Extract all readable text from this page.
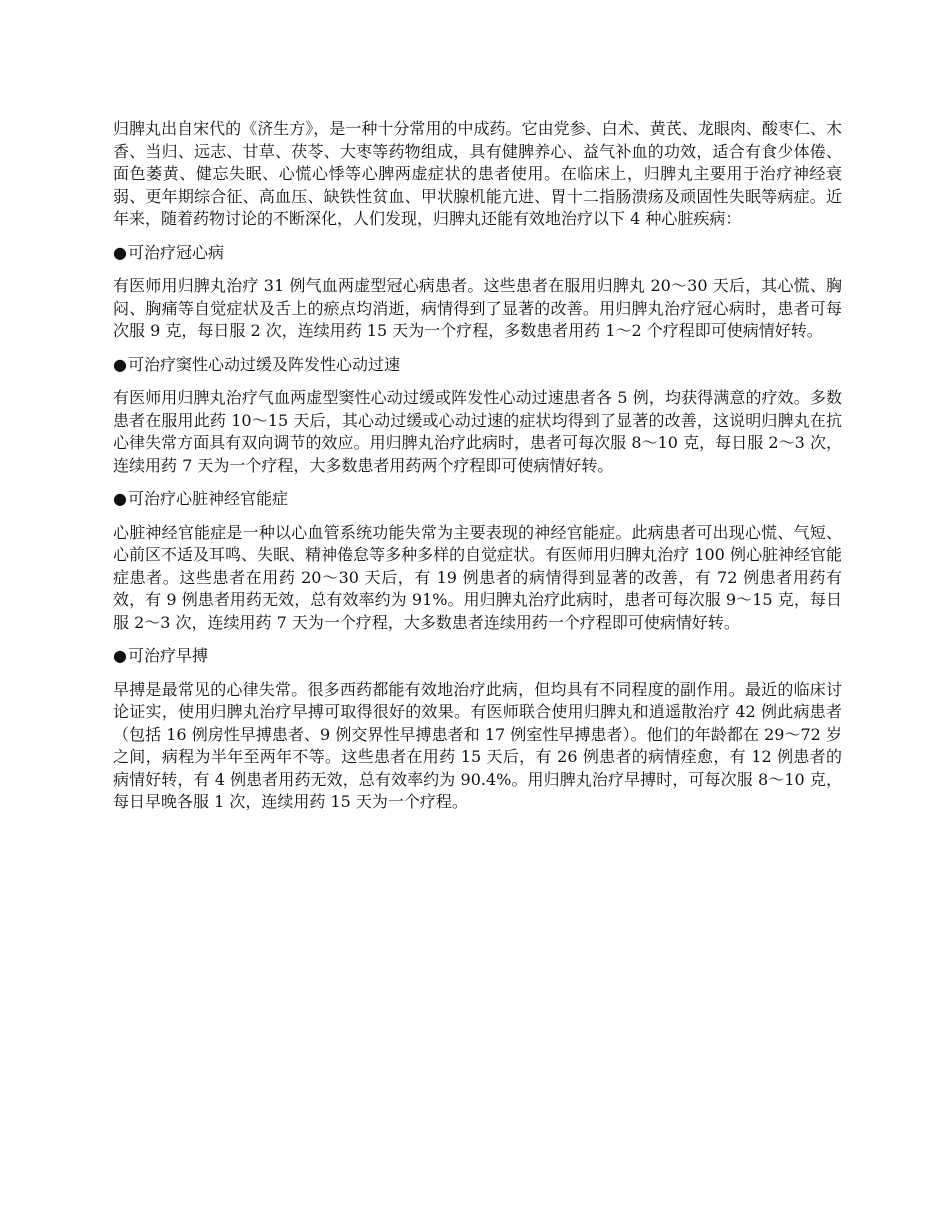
归脾丸出自宋代的《济生方》，是一种十分常用的中成药。它由党参、白术、黄芪、龙眼肉、酸枣仁、木香、当归、远志、甘草、茯苓、大枣等药物组成，具有健脾养心、益气补血的功效，适合有食少体倦、面色萎黄、健忘失眠、心慌心悸等心脾两虚症状的患者使用。在临床上，归脾丸主要用于治疗神经衰弱、更年期综合征、高血压、缺铁性贫血、甲状腺机能亢进、胃十二指肠溃疡及顽固性失眠等病症。近年来，随着药物讨论的不断深化，人们发现，归脾丸还能有效地治疗以下 4 种心脏疾病：

●可治疗冠心病

有医师用归脾丸治疗 31 例气血两虚型冠心病患者。这些患者在服用归脾丸 20～30 天后，其心慌、胸闷、胸痛等自觉症状及舌上的瘀点均消逝，病情得到了显著的改善。用归脾丸治疗冠心病时，患者可每次服 9 克，每日服 2 次，连续用药 15 天为一个疗程，多数患者用药 1～2 个疗程即可使病情好转。

●可治疗窦性心动过缓及阵发性心动过速

有医师用归脾丸治疗气血两虚型窦性心动过缓或阵发性心动过速患者各 5 例，均获得满意的疗效。多数患者在服用此药 10～15 天后，其心动过缓或心动过速的症状均得到了显著的改善，这说明归脾丸在抗心律失常方面具有双向调节的效应。用归脾丸治疗此病时，患者可每次服 8～10 克，每日服 2～3 次，连续用药 7 天为一个疗程，大多数患者用药两个疗程即可使病情好转。

●可治疗心脏神经官能症

心脏神经官能症是一种以心血管系统功能失常为主要表现的神经官能症。此病患者可出现心慌、气短、心前区不适及耳鸣、失眠、精神倦怠等多种多样的自觉症状。有医师用归脾丸治疗 100 例心脏神经官能症患者。这些患者在用药 20～30 天后，有 19 例患者的病情得到显著的改善，有 72 例患者用药有效，有 9 例患者用药无效，总有效率约为 91%。用归脾丸治疗此病时，患者可每次服 9～15 克，每日服 2～3 次，连续用药 7 天为一个疗程，大多数患者连续用药一个疗程即可使病情好转。

●可治疗早搏

早搏是最常见的心律失常。很多西药都能有效地治疗此病，但均具有不同程度的副作用。最近的临床讨论证实，使用归脾丸治疗早搏可取得很好的效果。有医师联合使用归脾丸和逍遥散治疗 42 例此病患者（包括 16 例房性早搏患者、9 例交界性早搏患者和 17 例室性早搏患者）。他们的年龄都在 29～72 岁之间，病程为半年至两年不等。这些患者在用药 15 天后，有 26 例患者的病情痊愈，有 12 例患者的病情好转，有 4 例患者用药无效，总有效率约为 90.4%。用归脾丸治疗早搏时，可每次服 8～10 克，每日早晚各服 1 次，连续用药 15 天为一个疗程。
